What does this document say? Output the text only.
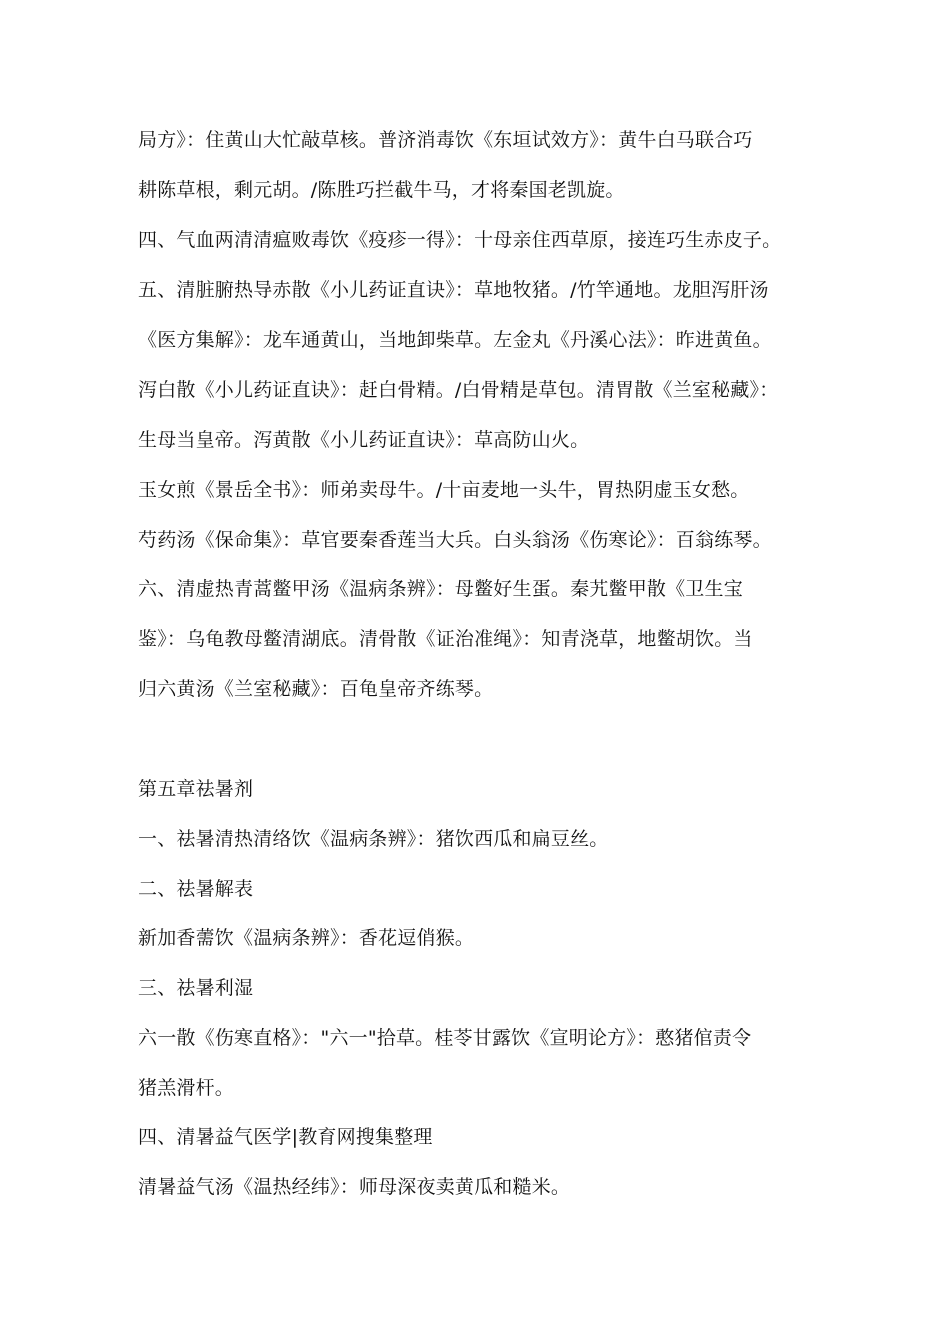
局方》：住黄山大忙敲草核。普济消毒饮《东垣试效方》：黄牛白马联合巧
耕陈草根，剩元胡。/陈胜巧拦截牛马，才将秦国老凯旋。
四、气血两清清瘟败毒饮《疫疹一得》：十母亲住西草原，接连巧生赤皮子。
五、清脏腑热导赤散《小儿药证直诀》：草地牧猪。/竹竿通地。龙胆泻肝汤
《医方集解》：龙车通黄山，当地卸柴草。左金丸《丹溪心法》：昨进黄鱼。
泻白散《小儿药证直诀》：赶白骨精。/白骨精是草包。清胃散《兰室秘藏》：
生母当皇帝。泻黄散《小儿药证直诀》：草高防山火。
玉女煎《景岳全书》：师弟卖母牛。/十亩麦地一头牛，胃热阴虚玉女愁。
芍药汤《保命集》：草官要秦香莲当大兵。白头翁汤《伤寒论》：百翁练琴。
六、清虚热青蒿鳖甲汤《温病条辨》：母鳖好生蛋。秦艽鳖甲散《卫生宝
鉴》：乌龟教母鳖清湖底。清骨散《证治准绳》：知青浇草，地鳖胡饮。当
归六黄汤《兰室秘藏》：百龟皇帝齐练琴。
第五章祛暑剂
一、祛暑清热清络饮《温病条辨》：猪饮西瓜和扁豆丝。
二、祛暑解表
新加香薷饮《温病条辨》：香花逗俏猴。
三、祛暑利湿
六一散《伤寒直格》："六一"拾草。桂苓甘露饮《宣明论方》：憨猪倌责令
猪羔滑杆。
四、清暑益气医学|教育网搜集整理
清暑益气汤《温热经纬》：师母深夜卖黄瓜和糙米。
